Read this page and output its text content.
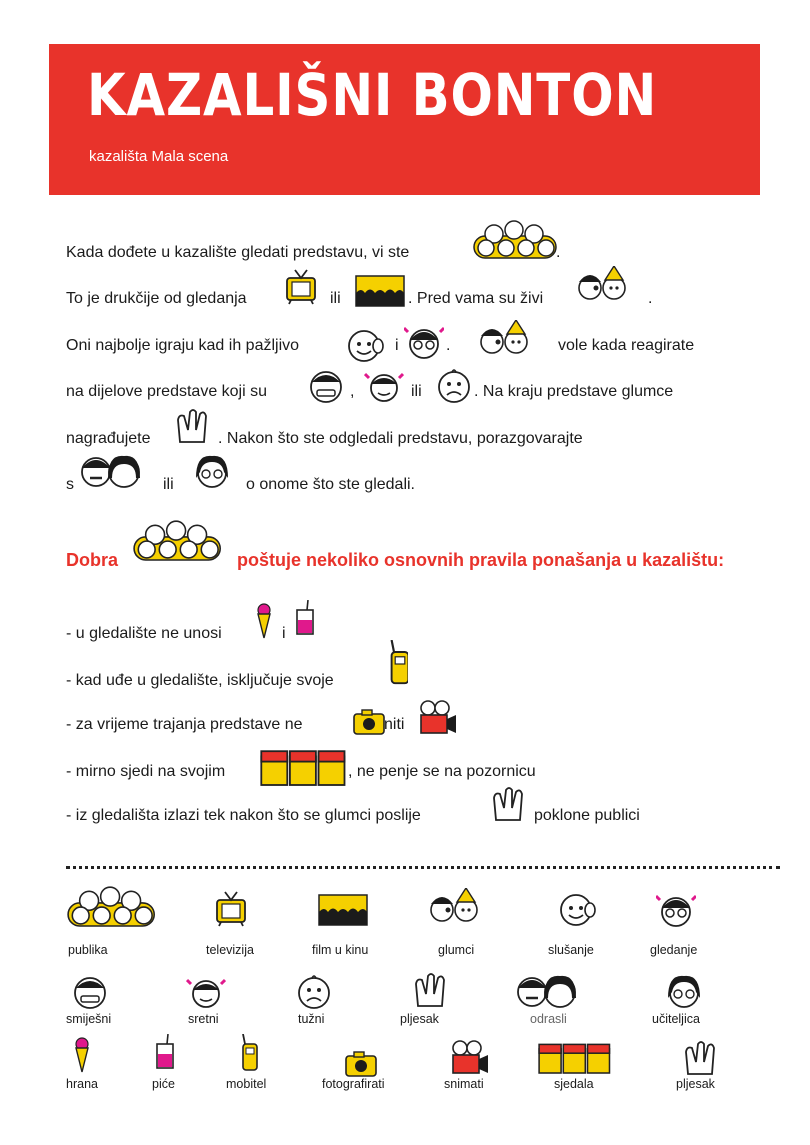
KAZALIŠNI BONTON
kazališta Mala scena
Kada dođete u kazalište gledati predstavu, vi ste	.
To je drukčije od gledanja	ili	. Pred vama su živi	.
Oni najbolje igraju kad ih pažljivo	i	.	vole kada reagirate
na dijelove predstave koji su	,	ili	. Na kraju predstave glumce
nagrađujete	. Nakon što ste odgledali predstavu, porazgovarajte
s	ili	o onome što ste gledali.
Dobra	poštuje nekoliko osnovnih pravila ponašanja u kazalištu:
- u gledalište ne unosi	i
- kad uđe u gledalište, isključuje svoje
- za vrijeme trajanja predstave ne	niti
- mirno sjedi na svojim	, ne penje se na pozornicu
- iz gledališta izlazi tek nakon što se glumci poslije	poklone publici
publika	televizija	film u kinu	glumci	slušanje	gledanje
smiješni	sretni	tužni	pljesak	odrasli	učiteljica
hrana	piće	mobitel	fotografirati	snimati	sjedala	pljesak
